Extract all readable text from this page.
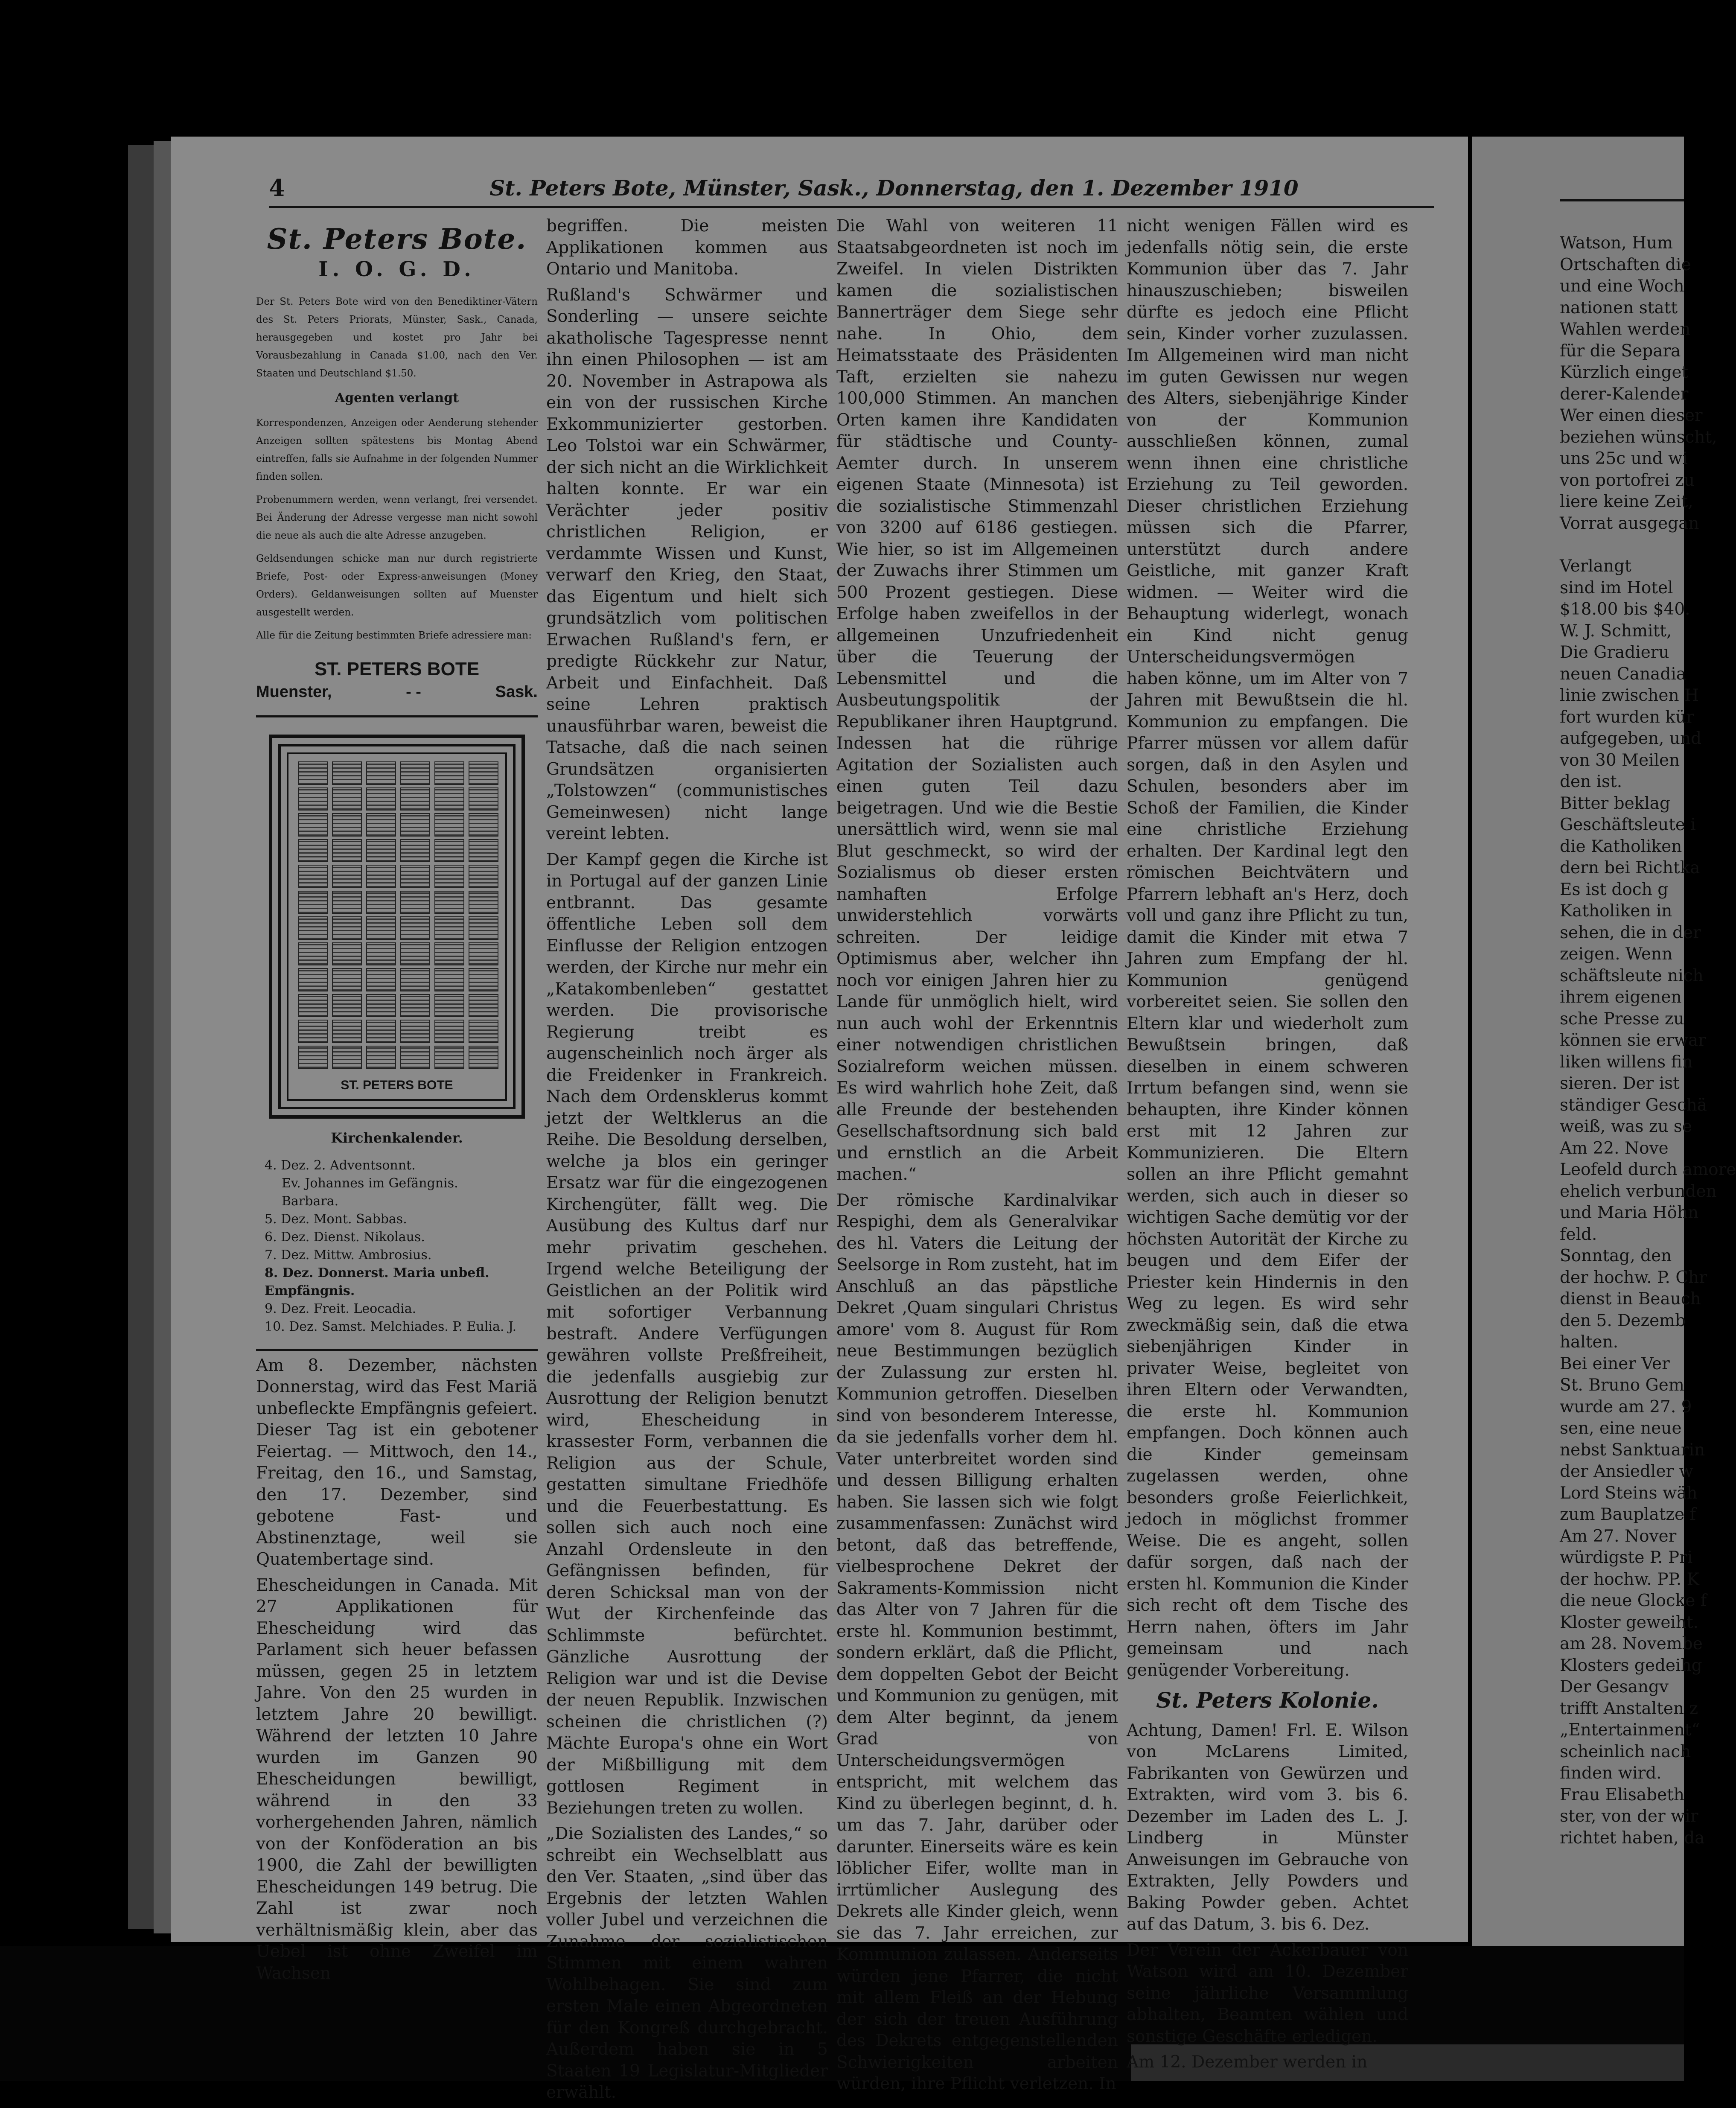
4	St. Peters Bote, Münster, Sask., Donnerstag, den 1. Dezember 1910
St. Peters Bote.
I. O. G. D.

Der St. Peters Bote wird von den Benediktiner-Vätern des St. Peters Priorats, Münster, Sask., Canada, herausgegeben und kostet pro Jahr bei Vorausbezahlung in Canada $1.00, nach den Ver. Staaten und Deutschland $1.50.

Agenten verlangt

Korrespondenzen, Anzeigen oder Aenderung stehender Anzeigen sollten spätestens bis Montag Abend eintreffen, falls sie Aufnahme in der folgenden Nummer finden sollen.

Probenummern werden, wenn verlangt, frei versendet. Bei Änderung der Adresse vergesse man nicht sowohl die neue als auch die alte Adresse anzugeben.

Geldsendungen schicke man nur durch registrierte Briefe, Post- oder Express-anweisungen (Money Orders). Geldanweisungen sollten auf Muenster ausgestellt werden.

Alle für die Zeitung bestimmten Briefe adressiere man:

ST. PETERS BOTE
Muenster,	- -	Sask.
ST. PETERS BOTE
Kirchenkalender.
4. Dez. 2. Adventsonnt.
Ev. Johannes im Gefängnis.
Barbara.
5. Dez. Mont. Sabbas.
6. Dez. Dienst. Nikolaus.
7. Dez. Mittw. Ambrosius.
8. Dez. Donnerst. Maria unbefl. Empfängnis.
9. Dez. Freit. Leocadia.
10. Dez. Samst. Melchiades. P. Eulia. J.

Am 8. Dezember, nächsten Donnerstag, wird das Fest Mariä unbefleckte Empfängnis gefeiert. Dieser Tag ist ein gebotener Feiertag. — Mittwoch, den 14., Freitag, den 16., und Samstag, den 17. Dezember, sind gebotene Fast- und Abstinenztage, weil sie Quatembertage sind.

Ehescheidungen in Canada. Mit 27 Applikationen für Ehescheidung wird das Parlament sich heuer befassen müssen, gegen 25 in letztem Jahre. Von den 25 wurden in letztem Jahre 20 bewilligt. Während der letzten 10 Jahre wurden im Ganzen 90 Ehescheidungen bewilligt, während in den 33 vorhergehenden Jahren, nämlich von der Konföderation an bis 1900, die Zahl der bewilligten Ehescheidungen 149 betrug. Die Zahl ist zwar noch verhältnismäßig klein, aber das Uebel ist ohne Zweifel im Wachsen

begriffen. Die meisten Applikationen kommen aus Ontario und Manitoba.

Rußland's Schwärmer und Sonderling — unsere seichte akatholische Tagespresse nennt ihn einen Philosophen — ist am 20. November in Astrapowa als ein von der russischen Kirche Exkommunizierter gestorben. Leo Tolstoi war ein Schwärmer, der sich nicht an die Wirklichkeit halten konnte. Er war ein Verächter jeder positiv christlichen Religion, er verdammte Wissen und Kunst, verwarf den Krieg, den Staat, das Eigentum und hielt sich grundsätzlich vom politischen Erwachen Rußland's fern, er predigte Rückkehr zur Natur, Arbeit und Einfachheit. Daß seine Lehren praktisch unausführbar waren, beweist die Tatsache, daß die nach seinen Grundsätzen organisierten „Tolstowzen“ (communistisches Gemeinwesen) nicht lange vereint lebten.

Der Kampf gegen die Kirche ist in Portugal auf der ganzen Linie entbrannt. Das gesamte öffentliche Leben soll dem Einflusse der Religion entzogen werden, der Kirche nur mehr ein „Katakombenleben“ gestattet werden. Die provisorische Regierung treibt es augenscheinlich noch ärger als die Freidenker in Frankreich. Nach dem Ordensklerus kommt jetzt der Weltklerus an die Reihe. Die Besoldung derselben, welche ja blos ein geringer Ersatz war für die eingezogenen Kirchengüter, fällt weg. Die Ausübung des Kultus darf nur mehr privatim geschehen. Irgend welche Beteiligung der Geistlichen an der Politik wird mit sofortiger Verbannung bestraft. Andere Verfügungen gewähren vollste Preßfreiheit, die jedenfalls ausgiebig zur Ausrottung der Religion benutzt wird, Ehescheidung in krassester Form, verbannen die Religion aus der Schule, gestatten simultane Friedhöfe und die Feuerbestattung. Es sollen sich auch noch eine Anzahl Ordensleute in den Gefängnissen befinden, für deren Schicksal man von der Wut der Kirchenfeinde das Schlimmste befürchtet. Gänzliche Ausrottung der Religion war und ist die Devise der neuen Republik. Inzwischen scheinen die christlichen (?) Mächte Europa's ohne ein Wort der Mißbilligung mit dem gottlosen Regiment in Beziehungen treten zu wollen.

„Die Sozialisten des Landes,“ so schreibt ein Wechselblatt aus den Ver. Staaten, „sind über das Ergebnis der letzten Wahlen voller Jubel und verzeichnen die Zunahme der sozialistischen Stimmen mit einem wahren Wohlbehagen. Sie sind zum ersten Male einen Abgeordneten für den Kongreß durchgebracht. Außerdem haben sie in 5 Staaten 19 Legislatur-Mitglieder erwählt.

Die Wahl von weiteren 11 Staatsabgeordneten ist noch im Zweifel. In vielen Distrikten kamen die sozialistischen Bannerträger dem Siege sehr nahe. In Ohio, dem Heimatsstaate des Präsidenten Taft, erzielten sie nahezu 100,000 Stimmen. An manchen Orten kamen ihre Kandidaten für städtische und County-Aemter durch. In unserem eigenen Staate (Minnesota) ist die sozialistische Stimmenzahl von 3200 auf 6186 gestiegen. Wie hier, so ist im Allgemeinen der Zuwachs ihrer Stimmen um 500 Prozent gestiegen. Diese Erfolge haben zweifellos in der allgemeinen Unzufriedenheit über die Teuerung der Lebensmittel und die Ausbeutungspolitik der Republikaner ihren Hauptgrund. Indessen hat die rührige Agitation der Sozialisten auch einen guten Teil dazu beigetragen. Und wie die Bestie unersättlich wird, wenn sie mal Blut geschmeckt, so wird der Sozialismus ob dieser ersten namhaften Erfolge unwiderstehlich vorwärts schreiten. Der leidige Optimismus aber, welcher ihn noch vor einigen Jahren hier zu Lande für unmöglich hielt, wird nun auch wohl der Erkenntnis einer notwendigen christlichen Sozialreform weichen müssen. Es wird wahrlich hohe Zeit, daß alle Freunde der bestehenden Gesellschaftsordnung sich bald und ernstlich an die Arbeit machen.“

Der römische Kardinalvikar Respighi, dem als Generalvikar des hl. Vaters die Leitung der Seelsorge in Rom zusteht, hat im Anschluß an das päpstliche Dekret ‚Quam singulari Christus amore' vom 8. August für Rom neue Bestimmungen bezüglich der Zulassung zur ersten hl. Kommunion getroffen. Dieselben sind von besonderem Interesse, da sie jedenfalls vorher dem hl. Vater unterbreitet worden sind und dessen Billigung erhalten haben. Sie lassen sich wie folgt zusammenfassen: Zunächst wird betont, daß das betreffende, vielbesprochene Dekret der Sakraments-Kommission nicht das Alter von 7 Jahren für die erste hl. Kommunion bestimmt, sondern erklärt, daß die Pflicht, dem doppelten Gebot der Beicht und Kommunion zu genügen, mit dem Alter beginnt, da jenem Grad von Unterscheidungsvermögen entspricht, mit welchem das Kind zu überlegen beginnt, d. h. um das 7. Jahr, darüber oder darunter. Einerseits wäre es kein löblicher Eifer, wollte man in irrtümlicher Auslegung des Dekrets alle Kinder gleich, wenn sie das 7. Jahr erreichen, zur Kommunion zulassen. Anderseits würden jene Pfarrer, die nicht mit allem Fleiß an der Hebung der sich der treuen Ausführung des Dekrets entgegenstellenden Schwierigkeiten arbeiten würden, ihre Pflicht verletzen. In

nicht wenigen Fällen wird es jedenfalls nötig sein, die erste Kommunion über das 7. Jahr hinauszuschieben; bisweilen dürfte es jedoch eine Pflicht sein, Kinder vorher zuzulassen. Im Allgemeinen wird man nicht im guten Gewissen nur wegen des Alters, siebenjährige Kinder von der Kommunion ausschließen können, zumal wenn ihnen eine christliche Erziehung zu Teil geworden. Dieser christlichen Erziehung müssen sich die Pfarrer, unterstützt durch andere Geistliche, mit ganzer Kraft widmen. — Weiter wird die Behauptung widerlegt, wonach ein Kind nicht genug Unterscheidungsvermögen haben könne, um im Alter von 7 Jahren mit Bewußtsein die hl. Kommunion zu empfangen. Die Pfarrer müssen vor allem dafür sorgen, daß in den Asylen und Schulen, besonders aber im Schoß der Familien, die Kinder eine christliche Erziehung erhalten. Der Kardinal legt den römischen Beichtvätern und Pfarrern lebhaft an's Herz, doch voll und ganz ihre Pflicht zu tun, damit die Kinder mit etwa 7 Jahren zum Empfang der hl. Kommunion genügend vorbereitet seien. Sie sollen den Eltern klar und wiederholt zum Bewußtsein bringen, daß dieselben in einem schweren Irrtum befangen sind, wenn sie behaupten, ihre Kinder können erst mit 12 Jahren zur Kommunizieren. Die Eltern sollen an ihre Pflicht gemahnt werden, sich auch in dieser so wichtigen Sache demütig vor der höchsten Autorität der Kirche zu beugen und dem Eifer der Priester kein Hindernis in den Weg zu legen. Es wird sehr zweckmäßig sein, daß die etwa siebenjährigen Kinder in privater Weise, begleitet von ihren Eltern oder Verwandten, die erste hl. Kommunion empfangen. Doch können auch die Kinder gemeinsam zugelassen werden, ohne besonders große Feierlichkeit, jedoch in möglichst frommer Weise. Die es angeht, sollen dafür sorgen, daß nach der ersten hl. Kommunion die Kinder sich recht oft dem Tische des Herrn nahen, öfters im Jahr gemeinsam und nach genügender Vorbereitung.

St. Peters Kolonie.

Achtung, Damen! Frl. E. Wilson von McLarens Limited, Fabrikanten von Gewürzen und Extrakten, wird vom 3. bis 6. Dezember im Laden des L. J. Lindberg in Münster Anweisungen im Gebrauche von Extrakten, Jelly Powders und Baking Powder geben. Achtet auf das Datum, 3. bis 6. Dez.

Der Verein der Ackerbauer von Watson wird am 10. Dezember seine jährliche Versammlung abhalten, Beamten wählen und sonstige Geschäfte erledigen.

Am 12. Dezember werden in

Watson, Hum

Ortschaften die

und eine Woch

nationen statt

Wahlen werden

für die Separa

Kürzlich einget

derer-Kalender

Wer einen dieser

beziehen wünscht,

uns 25c und wi

von portofrei zu

liere keine Zeit,

Vorrat ausgegan

Verlangt

sind im Hotel

$18.00 bis $40.

W. J. Schmitt,

Die Gradieru

neuen Canadia

linie zwischen H

fort wurden kür

aufgegeben, und

von 30 Meilen

den ist.

Bitter beklag

Geschäftsleute i

die Katholiken

dern bei Richtka

Es ist doch g

Katholiken in

sehen, die in der

zeigen. Wenn

schäftsleute nich

ihrem eigenen

sche Presse zu

können sie erwar

liken willens fin

sieren. Der ist

ständiger Geschä

weiß, was zu se

Am 22. Nove

Leofeld durch amore

ehelich verbunden

und Maria Höhn

feld.

Sonntag, den

der hochw. P. Chr

dienst in Beauch

den 5. Dezemb

halten.

Bei einer Ver

St. Bruno Gem

wurde am 27. 9

sen, eine neue

nebst Sanktuarin

der Ansiedler w

Lord Steins wäh

zum Bauplatze f

Am 27. Nover

würdigste P. Pri

der hochw. PP. K

die neue Glocke f

Kloster geweiht.

am 28. Novembe

Klosters gedeihg

Der Gesangv

trifft Anstalten z

„Entertainment“

scheinlich nach

finden wird.

Frau Elisabeth

ster, von der wir

richtet haben, da
